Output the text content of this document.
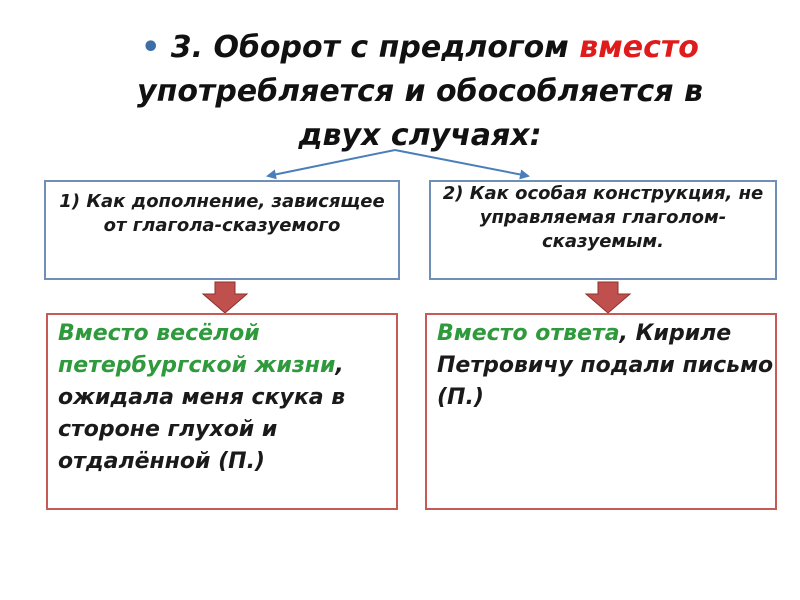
• 3. Оборот с предлогом вместо употребляется и обособляется в двух случаях:
1) Как дополнение, зависящее от глагола-сказуемого
2) Как особая конструкция, не управляемая глаголом-сказуемым.
Вместо весёлой петербургской жизни, ожидала меня скука в стороне глухой и отдалённой (П.)
Вместо ответа, Кириле Петровичу подали письмо (П.)
